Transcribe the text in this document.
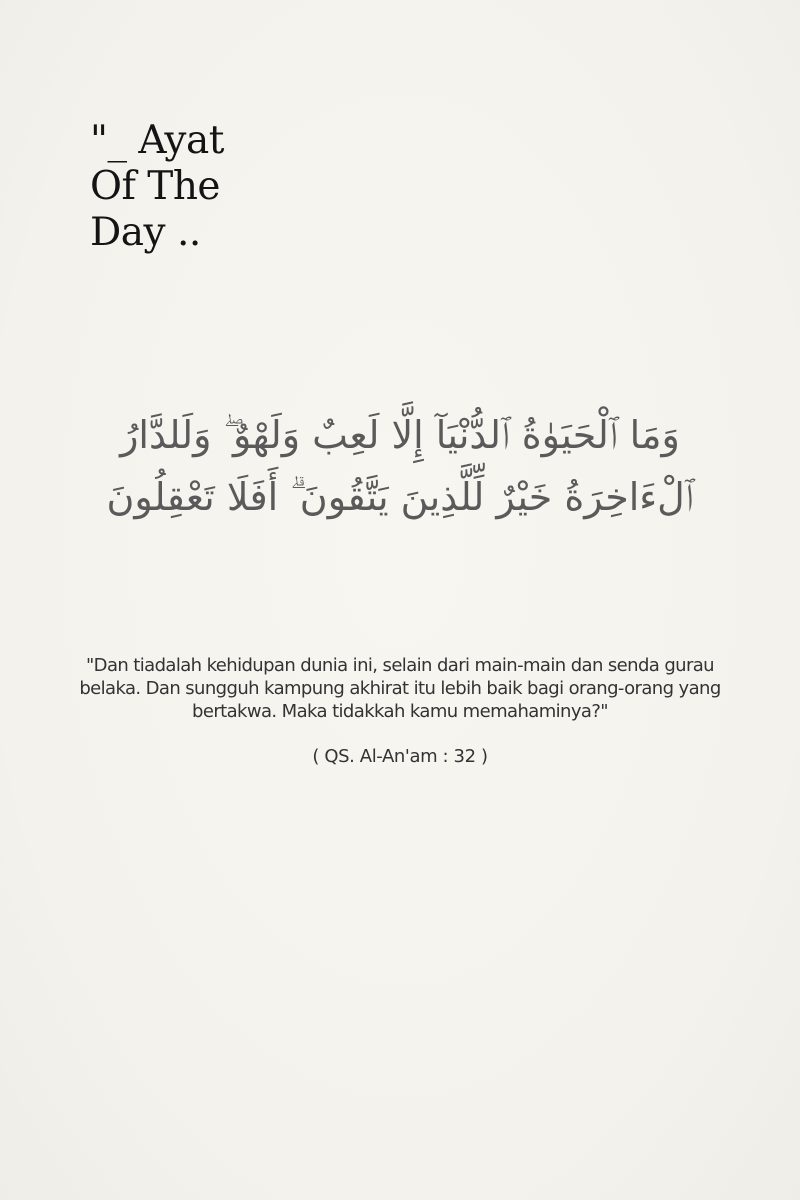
"_ Ayat
Of The
Day ..
وَمَا ٱلْحَيَوٰةُ ٱلدُّنْيَآ إِلَّا لَعِبٌ وَلَهْوٌ ۖ وَلَلدَّارُ
ٱلْءَاخِرَةُ خَيْرٌ لِّلَّذِينَ يَتَّقُونَ ۗ أَفَلَا تَعْقِلُونَ
"Dan tiadalah kehidupan dunia ini, selain dari main-main dan senda gurau
belaka. Dan sungguh kampung akhirat itu lebih baik bagi orang-orang yang
bertakwa. Maka tidakkah kamu memahaminya?"
( QS. Al-An'am : 32 )
